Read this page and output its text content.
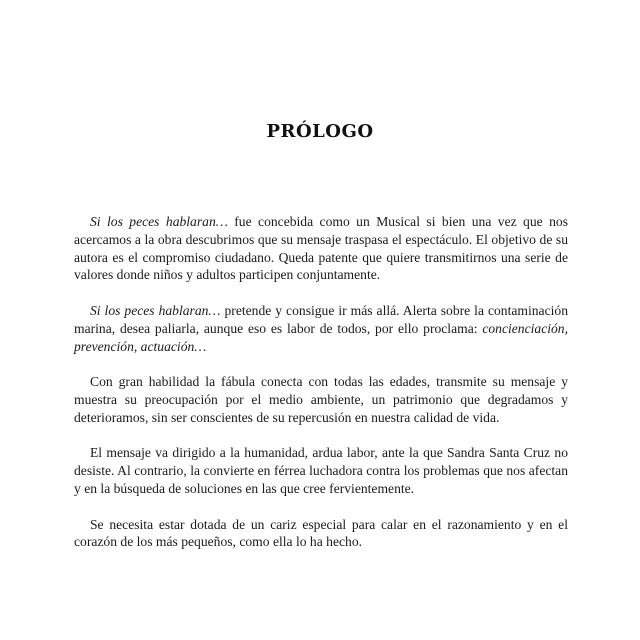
PRÓLOGO

Si los peces hablaran… fue concebida como un Musical si bien una vez que nos acercamos a la obra descubrimos que su mensaje traspasa el espectáculo. El objetivo de su autora es el compromiso ciudadano. Queda patente que quiere transmitirnos una serie de valores donde niños y adultos participen conjuntamente.

Si los peces hablaran… pretende y consigue ir más allá. Alerta sobre la contaminación marina, desea paliarla, aunque eso es labor de todos, por ello proclama: concienciación, prevención, actuación…

Con gran habilidad la fábula conecta con todas las edades, transmite su mensaje y muestra su preocupación por el medio ambiente, un patrimonio que degradamos y deterioramos, sin ser conscientes de su repercusión en nuestra calidad de vida.

El mensaje va dirigido a la humanidad, ardua labor, ante la que Sandra Santa Cruz no desiste. Al contrario, la convierte en férrea luchadora contra los problemas que nos afectan y en la búsqueda de soluciones en las que cree fervientemente.

Se necesita estar dotada de un cariz especial para calar en el razonamiento y en el corazón de los más pequeños, como ella lo ha hecho.
